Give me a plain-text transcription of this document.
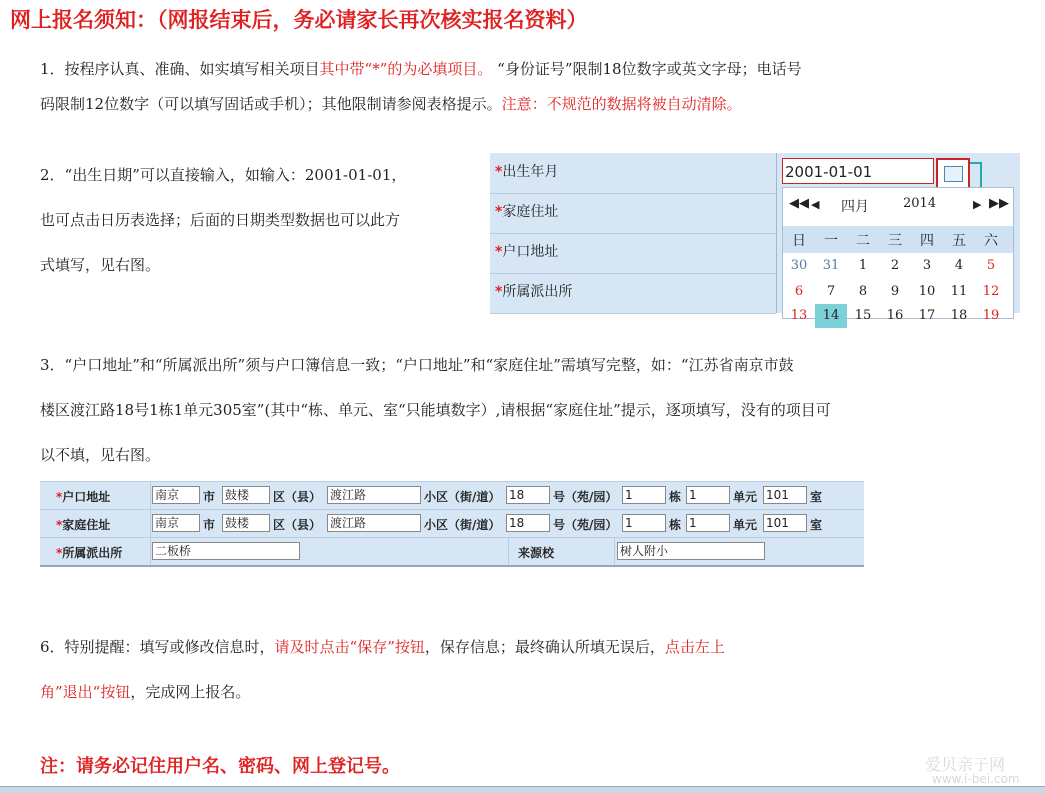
网上报名须知：（网报结束后，务必请家长再次核实报名资料）
1．按程序认真、准确、如实填写相关项目其中带“*”的为必填项目。 “身份证号”限制18位数字或英文字母；电话号
码限制12位数字（可以填写固话或手机）；其他限制请参阅表格提示。注意：不规范的数据将被自动清除。
2．“出生日期”可以直接输入，如输入：2001-01-01，
也可点击日历表选择；后面的日期类型数据也可以此方
式填写，见右图。
*出生年月
*家庭住址
*户口地址
*所属派出所
2001-01-01
◀◀ ◀ 四月	2014	▶ ▶▶
日	一	二	三	四	五	六
30	31	1	2	3	4	5
6	7	8	9	10	11	12
13	14	15	16	17	18	19
3．“户口地址”和“所属派出所”须与户口簿信息一致；“户口地址”和“家庭住址”需填写完整，如：“江苏省南京市鼓
楼区渡江路18号1栋1单元305室”(其中“栋、单元、室“只能填数字）,请根据“家庭住址”提示，逐项填写，没有的项目可
以不填，见右图。
*户口地址	南京	市 鼓楼	区（县） 渡江路	小区（街/道） 18	号（苑/园） 1	栋 1	单元 101	室
*家庭住址	南京	市 鼓楼	区（县） 渡江路	小区（街/道） 18	号（苑/园） 1	栋 1	单元 101	室
*所属派出所	二板桥	来源校	树人附小
6．特别提醒：填写或修改信息时，请及时点击“保存”按钮，保存信息；最终确认所填无误后，点击左上
角”退出“按钮，完成网上报名。
注：请务必记住用户名、密码、网上登记号。	爱贝亲子网
www.i-bei.com
